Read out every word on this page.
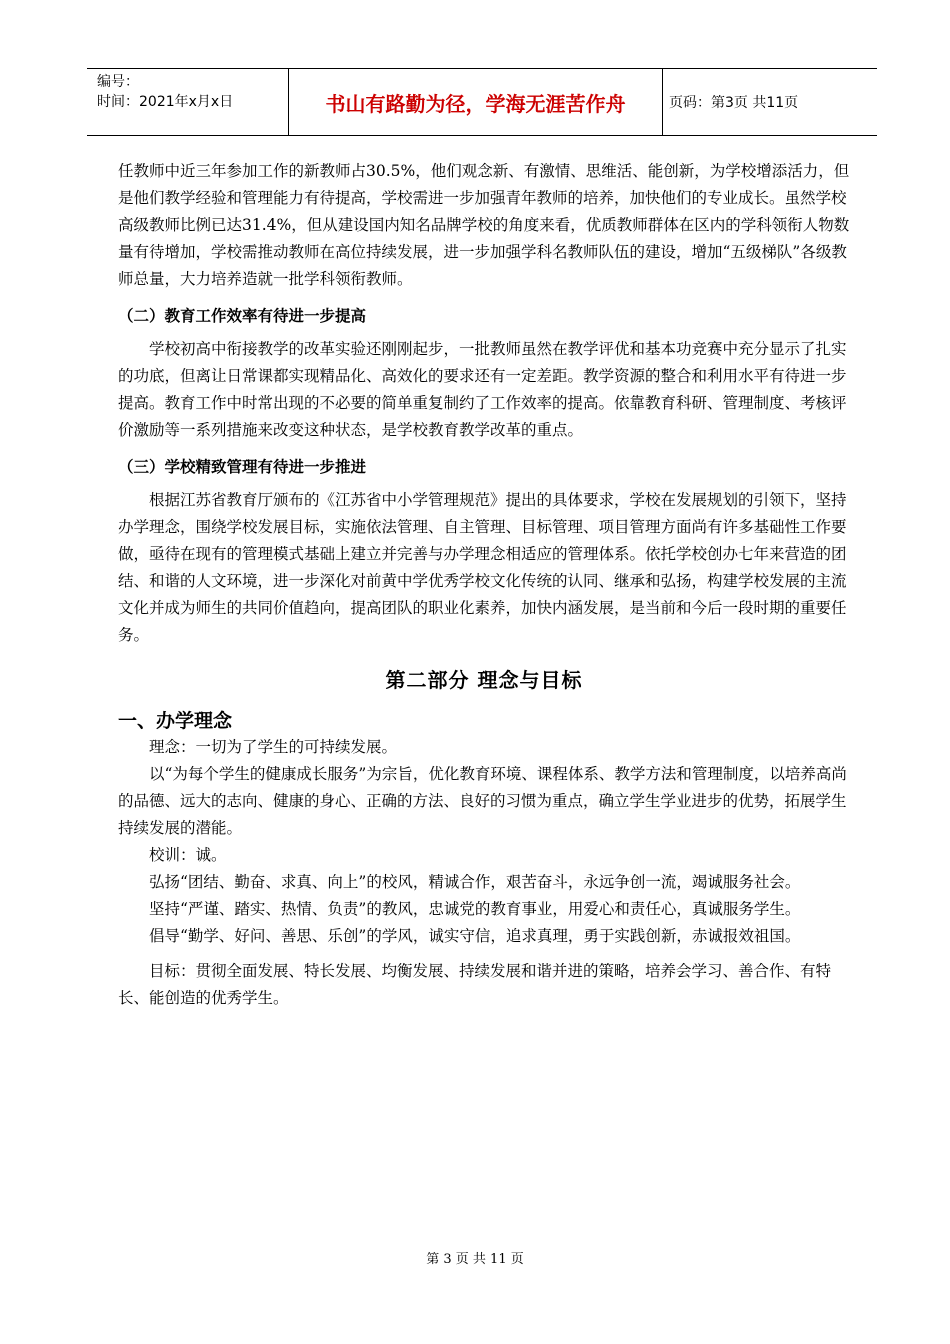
编号：
时间：2021年x月x日	书山有路勤为径，学海无涯苦作舟	页码：第3页 共11页

任教师中近三年参加工作的新教师占30.5%，他们观念新、有激情、思维活、能创新，为学校增添活力，但是他们教学经验和管理能力有待提高，学校需进一步加强青年教师的培养，加快他们的专业成长。虽然学校高级教师比例已达31.4%，但从建设国内知名品牌学校的角度来看，优质教师群体在区内的学科领衔人物数量有待增加，学校需推动教师在高位持续发展，进一步加强学科名教师队伍的建设，增加“五级梯队”各级教师总量，大力培养造就一批学科领衔教师。

（二）教育工作效率有待进一步提高

学校初高中衔接教学的改革实验还刚刚起步，一批教师虽然在教学评优和基本功竞赛中充分显示了扎实的功底，但离让日常课都实现精品化、高效化的要求还有一定差距。教学资源的整合和利用水平有待进一步提高。教育工作中时常出现的不必要的简单重复制约了工作效率的提高。依靠教育科研、管理制度、考核评价激励等一系列措施来改变这种状态，是学校教育教学改革的重点。

（三）学校精致管理有待进一步推进

根据江苏省教育厅颁布的《江苏省中小学管理规范》提出的具体要求，学校在发展规划的引领下，坚持办学理念，围绕学校发展目标，实施依法管理、自主管理、目标管理、项目管理方面尚有许多基础性工作要做，亟待在现有的管理模式基础上建立并完善与办学理念相适应的管理体系。依托学校创办七年来营造的团结、和谐的人文环境，进一步深化对前黄中学优秀学校文化传统的认同、继承和弘扬，构建学校发展的主流文化并成为师生的共同价值趋向，提高团队的职业化素养，加快内涵发展，是当前和今后一段时期的重要任务。

第二部分 理念与目标

一、办学理念

理念：一切为了学生的可持续发展。

以“为每个学生的健康成长服务”为宗旨，优化教育环境、课程体系、教学方法和管理制度，以培养高尚的品德、远大的志向、健康的身心、正确的方法、良好的习惯为重点，确立学生学业进步的优势，拓展学生持续发展的潜能。

校训：诚。

弘扬“团结、勤奋、求真、向上”的校风，精诚合作，艰苦奋斗，永远争创一流，竭诚服务社会。

坚持“严谨、踏实、热情、负责”的教风，忠诚党的教育事业，用爱心和责任心，真诚服务学生。

倡导“勤学、好问、善思、乐创”的学风，诚实守信，追求真理，勇于实践创新，赤诚报效祖国。

目标：贯彻全面发展、特长发展、均衡发展、持续发展和谐并进的策略，培养会学习、善合作、有特长、能创造的优秀学生。

第 3 页 共 11 页
